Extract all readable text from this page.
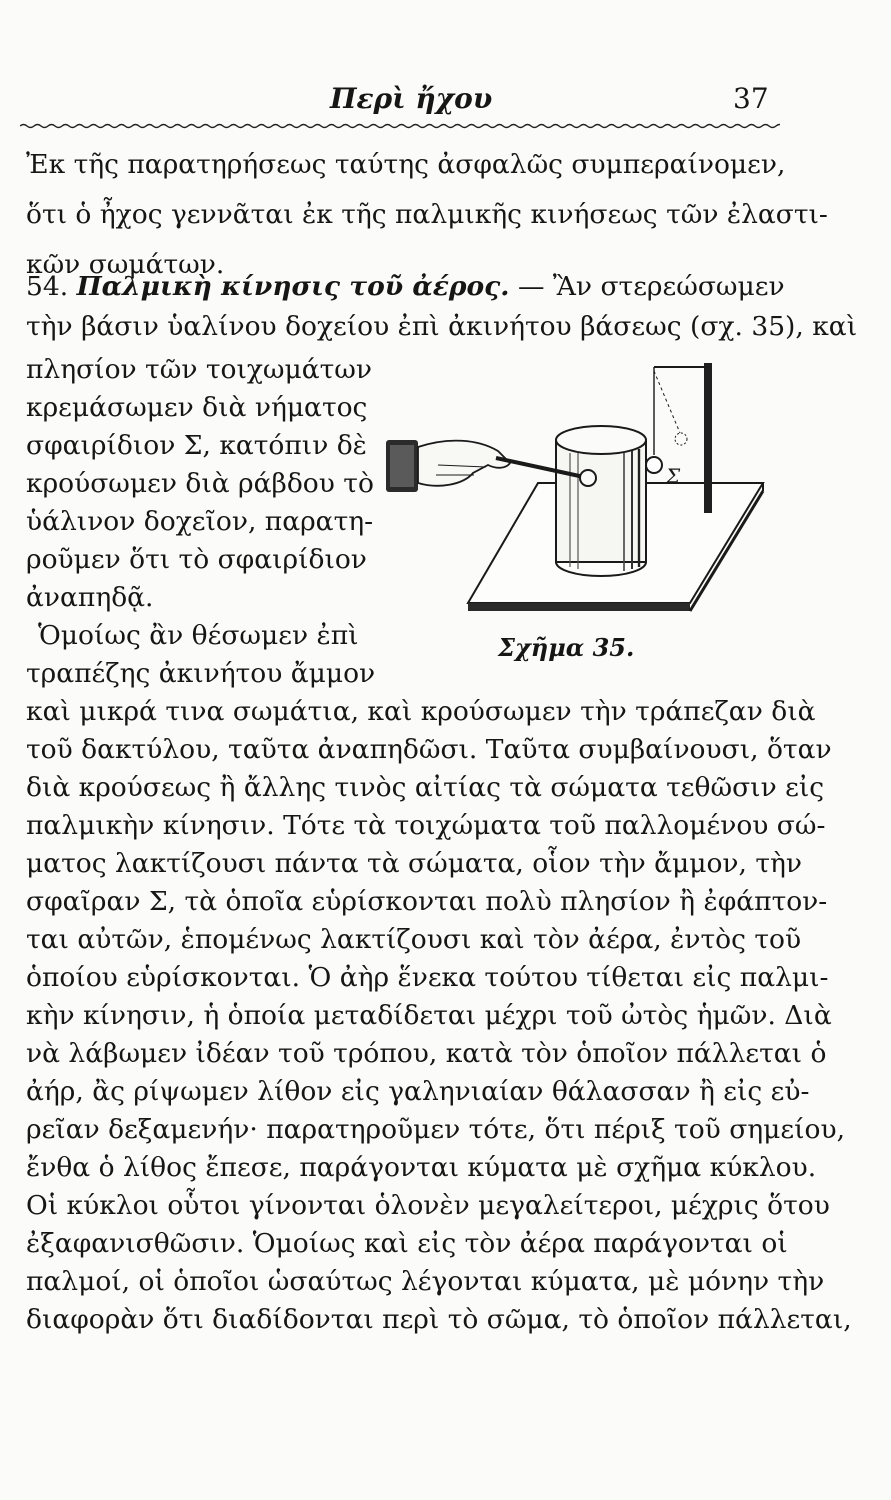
Περὶ ἤχου	37
Ἐκ τῆς παρατηρήσεως ταύτης ἀσφαλῶς συμπεραίνομεν,
ὅτι ὁ ἦχος γεννᾶται ἐκ τῆς παλμικῆς κινήσεως τῶν ἐλαστι-
κῶν σωμάτων.
54. Παλμικὴ κίνησις τοῦ ἀέρος. — Ἂν στερεώσωμεν
τὴν βάσιν ὑαλίνου δοχείου ἐπὶ ἀκινήτου βάσεως (σχ. 35), καὶ
πλησίον τῶν τοιχωμάτων
κρεμάσωμεν διὰ νήματος
σφαιρίδιον Σ, κατόπιν δὲ
κρούσωμεν διὰ ράβδου τὸ
ὑάλινον δοχεῖον, παρατη-
ροῦμεν ὅτι τὸ σφαιρίδιον
ἀναπηδᾷ.
Ὁμοίως ἂν θέσωμεν ἐπὶ
τραπέζης ἀκινήτου ἄμμον
καὶ μικρά τινα σωμάτια, καὶ κρούσωμεν τὴν τράπεζαν διὰ
τοῦ δακτύλου, ταῦτα ἀναπηδῶσι. Ταῦτα συμβαίνουσι, ὅταν
διὰ κρούσεως ἢ ἄλλης τινὸς αἰτίας τὰ σώματα τεθῶσιν εἰς
παλμικὴν κίνησιν. Τότε τὰ τοιχώματα τοῦ παλλομένου σώ-
ματος λακτίζουσι πάντα τὰ σώματα, οἷον τὴν ἄμμον, τὴν
σφαῖραν Σ, τὰ ὁποῖα εὑρίσκονται πολὺ πλησίον ἢ ἐφάπτον-
ται αὐτῶν, ἑπομένως λακτίζουσι καὶ τὸν ἀέρα, ἐντὸς τοῦ
ὁποίου εὑρίσκονται. Ὁ ἀὴρ ἕνεκα τούτου τίθεται εἰς παλμι-
κὴν κίνησιν, ἡ ὁποία μεταδίδεται μέχρι τοῦ ὠτὸς ἡμῶν. Διὰ
νὰ λάβωμεν ἰδέαν τοῦ τρόπου, κατὰ τὸν ὁποῖον πάλλεται ὁ
ἀήρ, ἂς ρίψωμεν λίθον εἰς γαληνιαίαν θάλασσαν ἢ εἰς εὐ-
ρεῖαν δεξαμενήν· παρατηροῦμεν τότε, ὅτι πέριξ τοῦ σημείου,
ἔνθα ὁ λίθος ἔπεσε, παράγονται κύματα μὲ σχῆμα κύκλου.
Οἱ κύκλοι οὗτοι γίνονται ὁλονὲν μεγαλείτεροι, μέχρις ὅτου
ἐξαφανισθῶσιν. Ὁμοίως καὶ εἰς τὸν ἀέρα παράγονται οἱ
παλμοί, οἱ ὁποῖοι ὡσαύτως λέγονται κύματα, μὲ μόνην τὴν
διαφορὰν ὅτι διαδίδονται περὶ τὸ σῶμα, τὸ ὁποῖον πάλλεται,
Σ
Σχῆμα 35.
